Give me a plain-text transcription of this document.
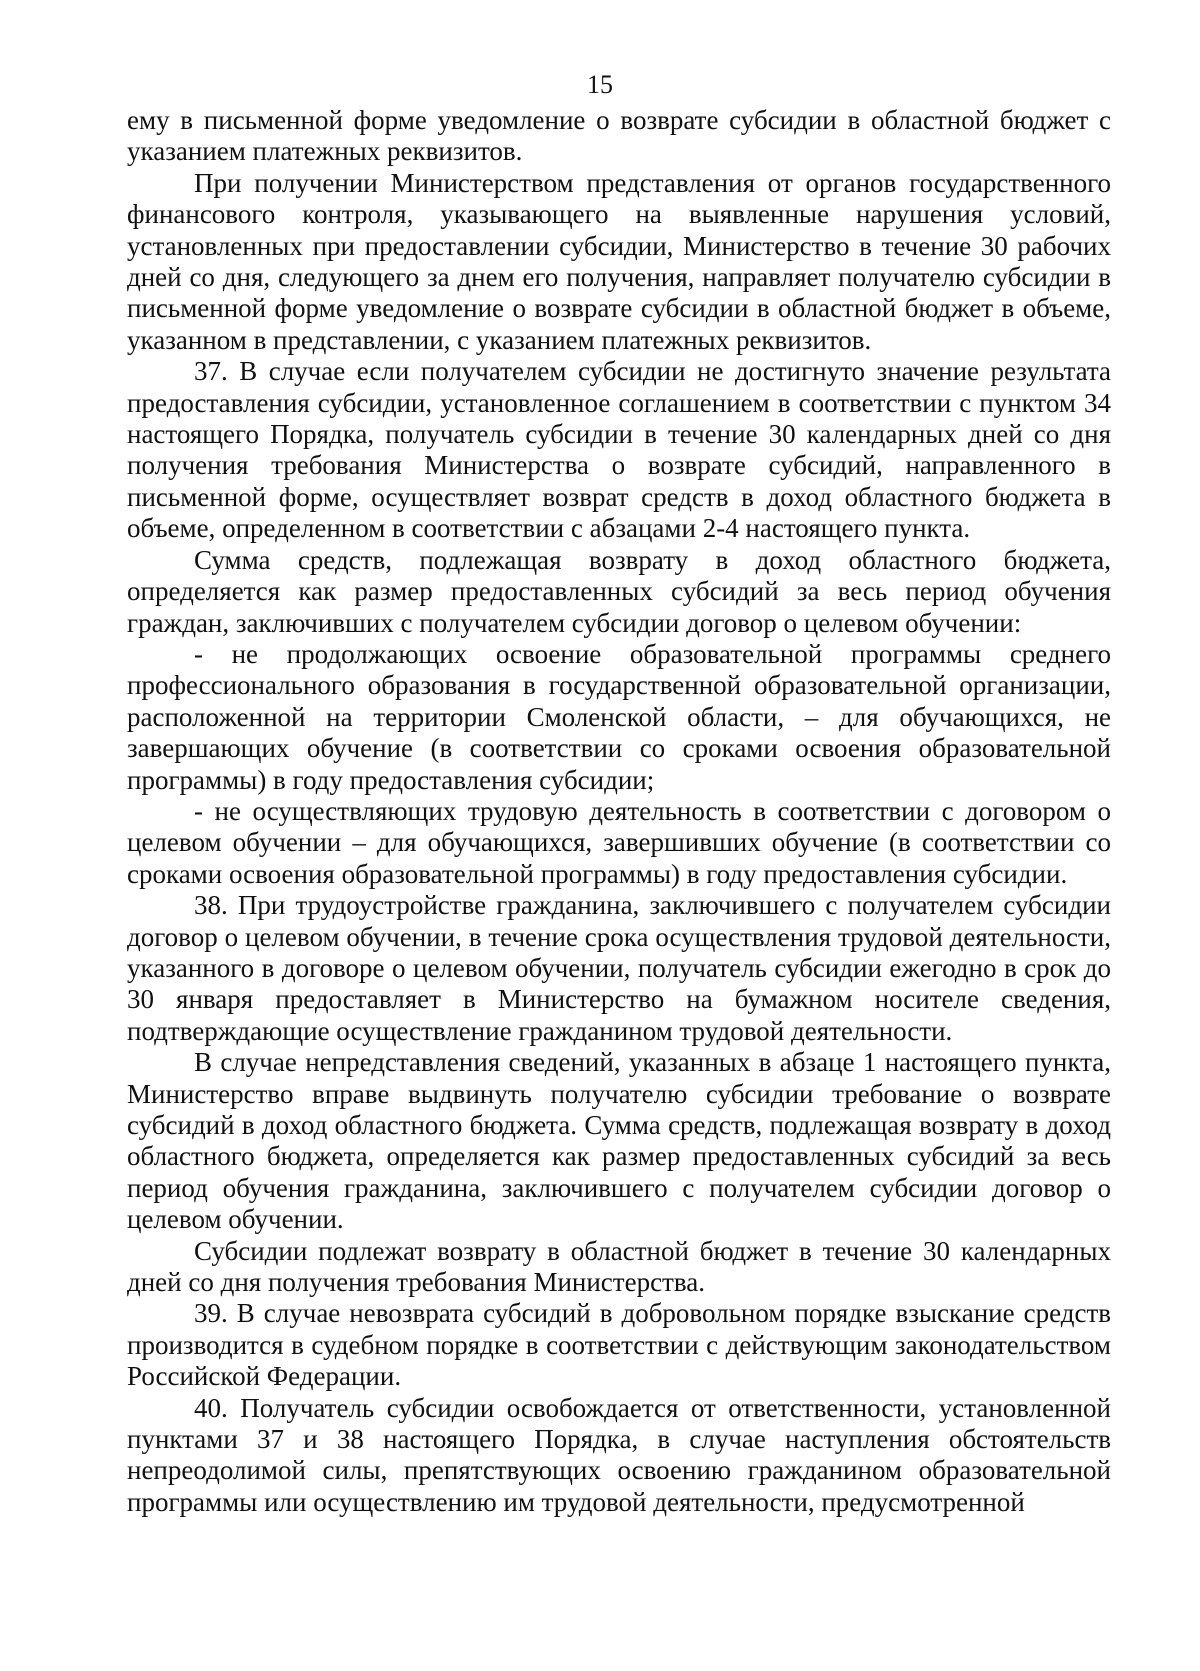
15

ему в письменной форме уведомление о возврате субсидии в областной бюджет с указанием платежных реквизитов.

При получении Министерством представления от органов государственного финансового контроля, указывающего на выявленные нарушения условий, установленных при предоставлении субсидии, Министерство в течение 30 рабочих дней со дня, следующего за днем его получения, направляет получателю субсидии в письменной форме уведомление о возврате субсидии в областной бюджет в объеме, указанном в представлении, с указанием платежных реквизитов.

37. В случае если получателем субсидии не достигнуто значение результата предоставления субсидии, установленное соглашением в соответствии с пунктом 34 настоящего Порядка, получатель субсидии в течение 30 календарных дней со дня получения требования Министерства о возврате субсидий, направленного в письменной форме, осуществляет возврат средств в доход областного бюджета в объеме, определенном в соответствии с абзацами 2-4 настоящего пункта.

Сумма средств, подлежащая возврату в доход областного бюджета, определяется как размер предоставленных субсидий за весь период обучения граждан, заключивших с получателем субсидии договор о целевом обучении:

- не продолжающих освоение образовательной программы среднего профессионального образования в государственной образовательной организации, расположенной на территории Смоленской области, – для обучающихся, не завершающих обучение (в соответствии со сроками освоения образовательной программы) в году предоставления субсидии;

- не осуществляющих трудовую деятельность в соответствии с договором о целевом обучении – для обучающихся, завершивших обучение (в соответствии со сроками освоения образовательной программы) в году предоставления субсидии.

38. При трудоустройстве гражданина, заключившего с получателем субсидии договор о целевом обучении, в течение срока осуществления трудовой деятельности, указанного в договоре о целевом обучении, получатель субсидии ежегодно в срок до 30 января предоставляет в Министерство на бумажном носителе сведения, подтверждающие осуществление гражданином трудовой деятельности.

В случае непредставления сведений, указанных в абзаце 1 настоящего пункта, Министерство вправе выдвинуть получателю субсидии требование о возврате субсидий в доход областного бюджета. Сумма средств, подлежащая возврату в доход областного бюджета, определяется как размер предоставленных субсидий за весь период обучения гражданина, заключившего с получателем субсидии договор о целевом обучении.

Субсидии подлежат возврату в областной бюджет в течение 30 календарных дней со дня получения требования Министерства.

39. В случае невозврата субсидий в добровольном порядке взыскание средств производится в судебном порядке в соответствии с действующим законодательством Российской Федерации.

40. Получатель субсидии освобождается от ответственности, установленной пунктами 37 и 38 настоящего Порядка, в случае наступления обстоятельств непреодолимой силы, препятствующих освоению гражданином образовательной программы или осуществлению им трудовой деятельности, предусмотренной
